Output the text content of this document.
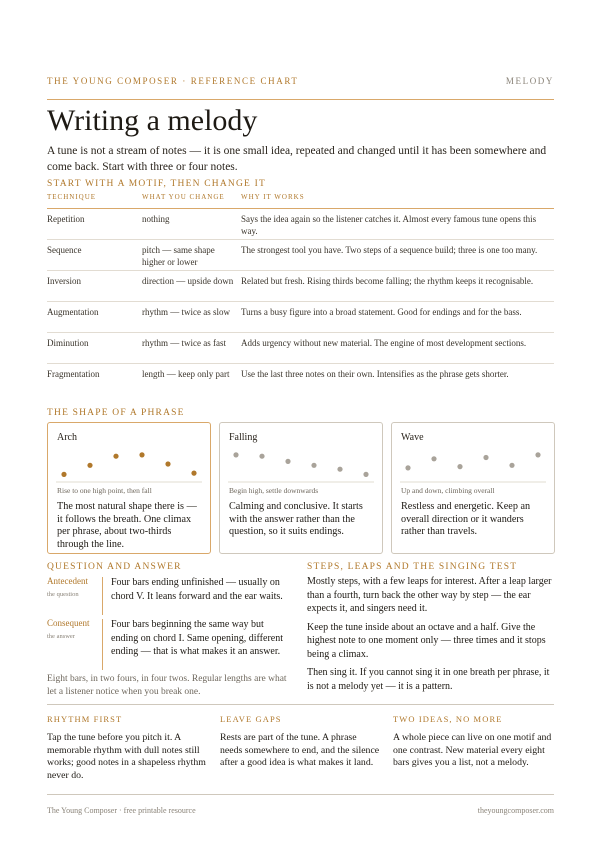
THE YOUNG COMPOSER · REFERENCE CHART	MELODY
Writing a melody
A tune is not a stream of notes — it is one small idea, repeated and changed until it has been somewhere and come back. Start with three or four notes.
START WITH A MOTIF, THEN CHANGE IT
TECHNIQUE	WHAT YOU CHANGE	WHY IT WORKS
Repetition	nothing	Says the idea again so the listener catches it. Almost every famous tune opens this way.
Sequence	pitch — same shape higher or lower	The strongest tool you have. Two steps of a sequence build; three is one too many.
Inversion	direction — upside down	Related but fresh. Rising thirds become falling; the rhythm keeps it recognisable.
Augmentation	rhythm — twice as slow	Turns a busy figure into a broad statement. Good for endings and for the bass.
Diminution	rhythm — twice as fast	Adds urgency without new material. The engine of most development sections.
Fragmentation	length — keep only part	Use the last three notes on their own. Intensifies as the phrase gets shorter.
THE SHAPE OF A PHRASE
Arch
Rise to one high point, then fall
The most natural shape there is — it follows the breath. One climax per phrase, about two-thirds through the line.
Falling
Begin high, settle downwards
Calming and conclusive. It starts with the answer rather than the question, so it suits endings.
Wave
Up and down, climbing overall
Restless and energetic. Keep an overall direction or it wanders rather than travels.
QUESTION AND ANSWER
Antecedent
the question
Four bars ending unfinished — usually on chord V. It leans forward and the ear waits.
Consequent
the answer
Four bars beginning the same way but ending on chord I. Same opening, different ending — that is what makes it an answer.
Eight bars, in two fours, in four twos. Regular lengths are what let a listener notice when you break one.
STEPS, LEAPS AND THE SINGING TEST

Mostly steps, with a few leaps for interest. After a leap larger than a fourth, turn back the other way by step — the ear expects it, and singers need it.

Keep the tune inside about an octave and a half. Give the highest note to one moment only — three times and it stops being a climax.

Then sing it. If you cannot sing it in one breath per phrase, it is not a melody yet — it is a pattern.

RHYTHM FIRST
Tap the tune before you pitch it. A memorable rhythm with dull notes still works; good notes in a shapeless rhythm never do.
LEAVE GAPS
Rests are part of the tune. A phrase needs somewhere to end, and the silence after a good idea is what makes it land.
TWO IDEAS, NO MORE
A whole piece can live on one motif and one contrast. New material every eight bars gives you a list, not a melody.
The Young Composer · free printable resource	theyoungcomposer.com
